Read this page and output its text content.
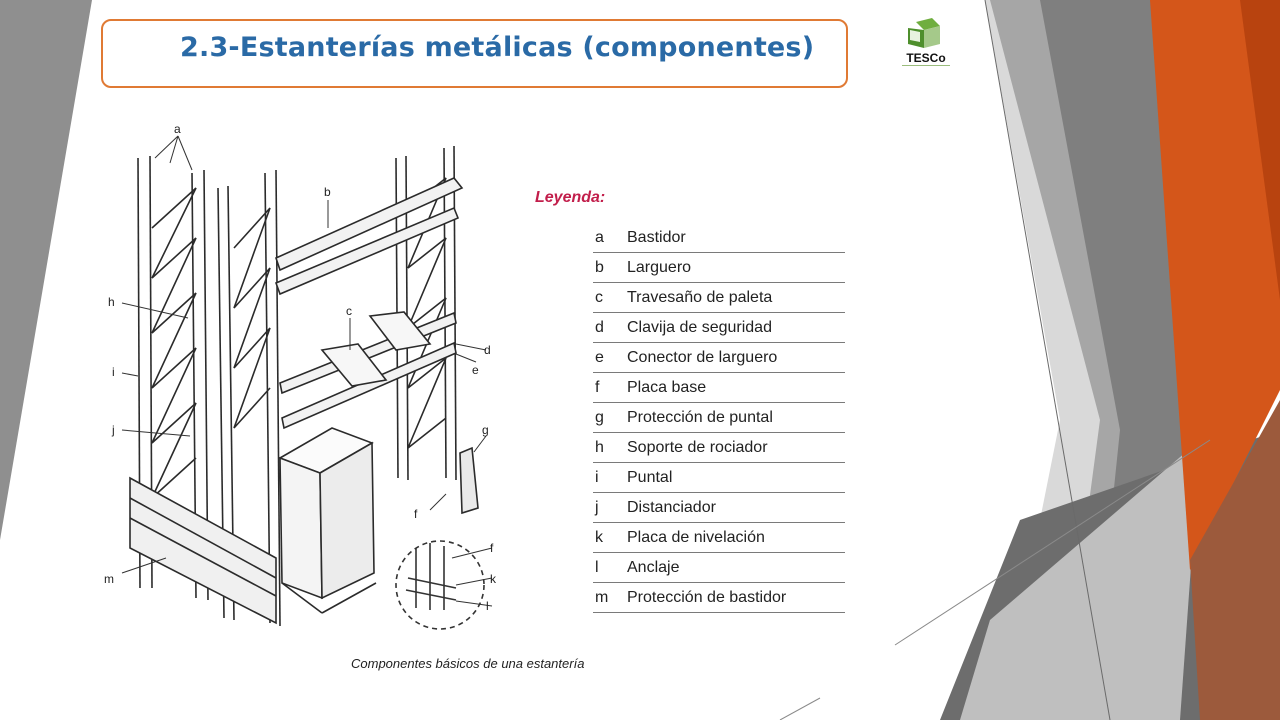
2.3-Estanterías metálicas (componentes)	TESCo
a
b
c
d
e
f
g
h
i
j
k
l
m
f
Componentes básicos de una estantería
Leyenda:
a Bastidor
b Larguero
c Travesaño de paleta
d Clavija de seguridad
e Conector de larguero
f Placa base
g Protección de puntal
h Soporte de rociador
i Puntal
j Distanciador
k Placa de nivelación
l Anclaje
m Protección de bastidor
